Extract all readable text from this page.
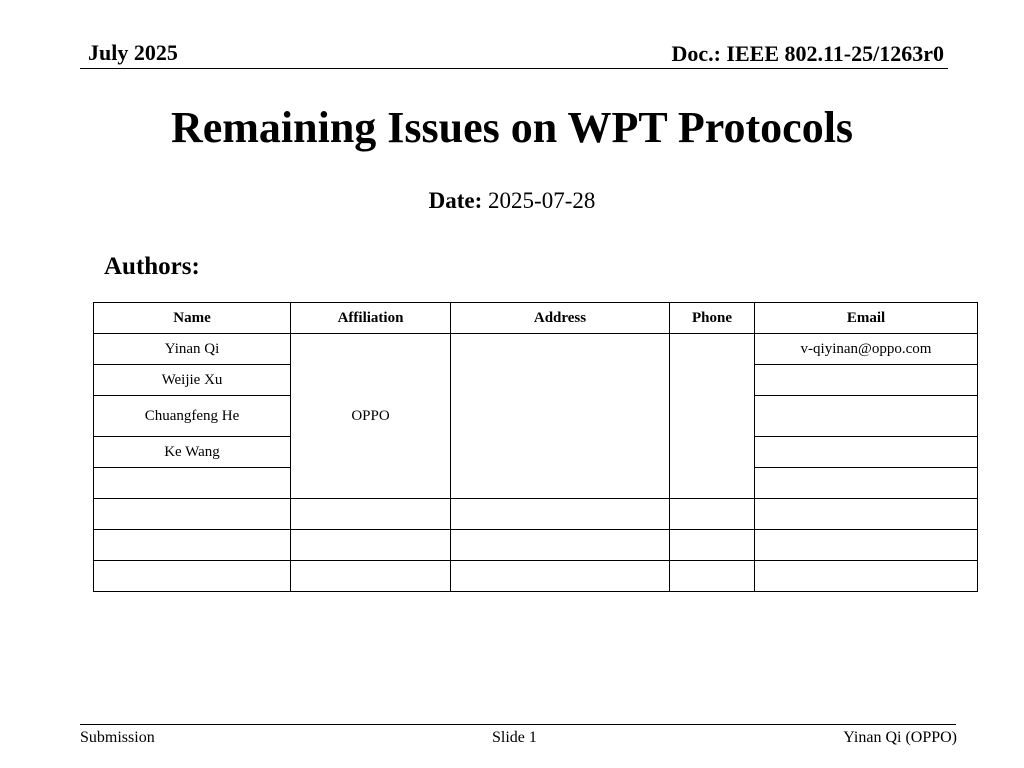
July 2025	Doc.: IEEE 802.11-25/1263r0
Remaining Issues on WPT Protocols
Date: 2025-07-28
Authors:
Name	Affiliation	Address	Phone	Email
Yinan Qi	OPPO			v-qiyinan@oppo.com
Weijie Xu				
Chuangfeng He				
Ke Wang				

Submission	Slide 1	Yinan Qi (OPPO)
